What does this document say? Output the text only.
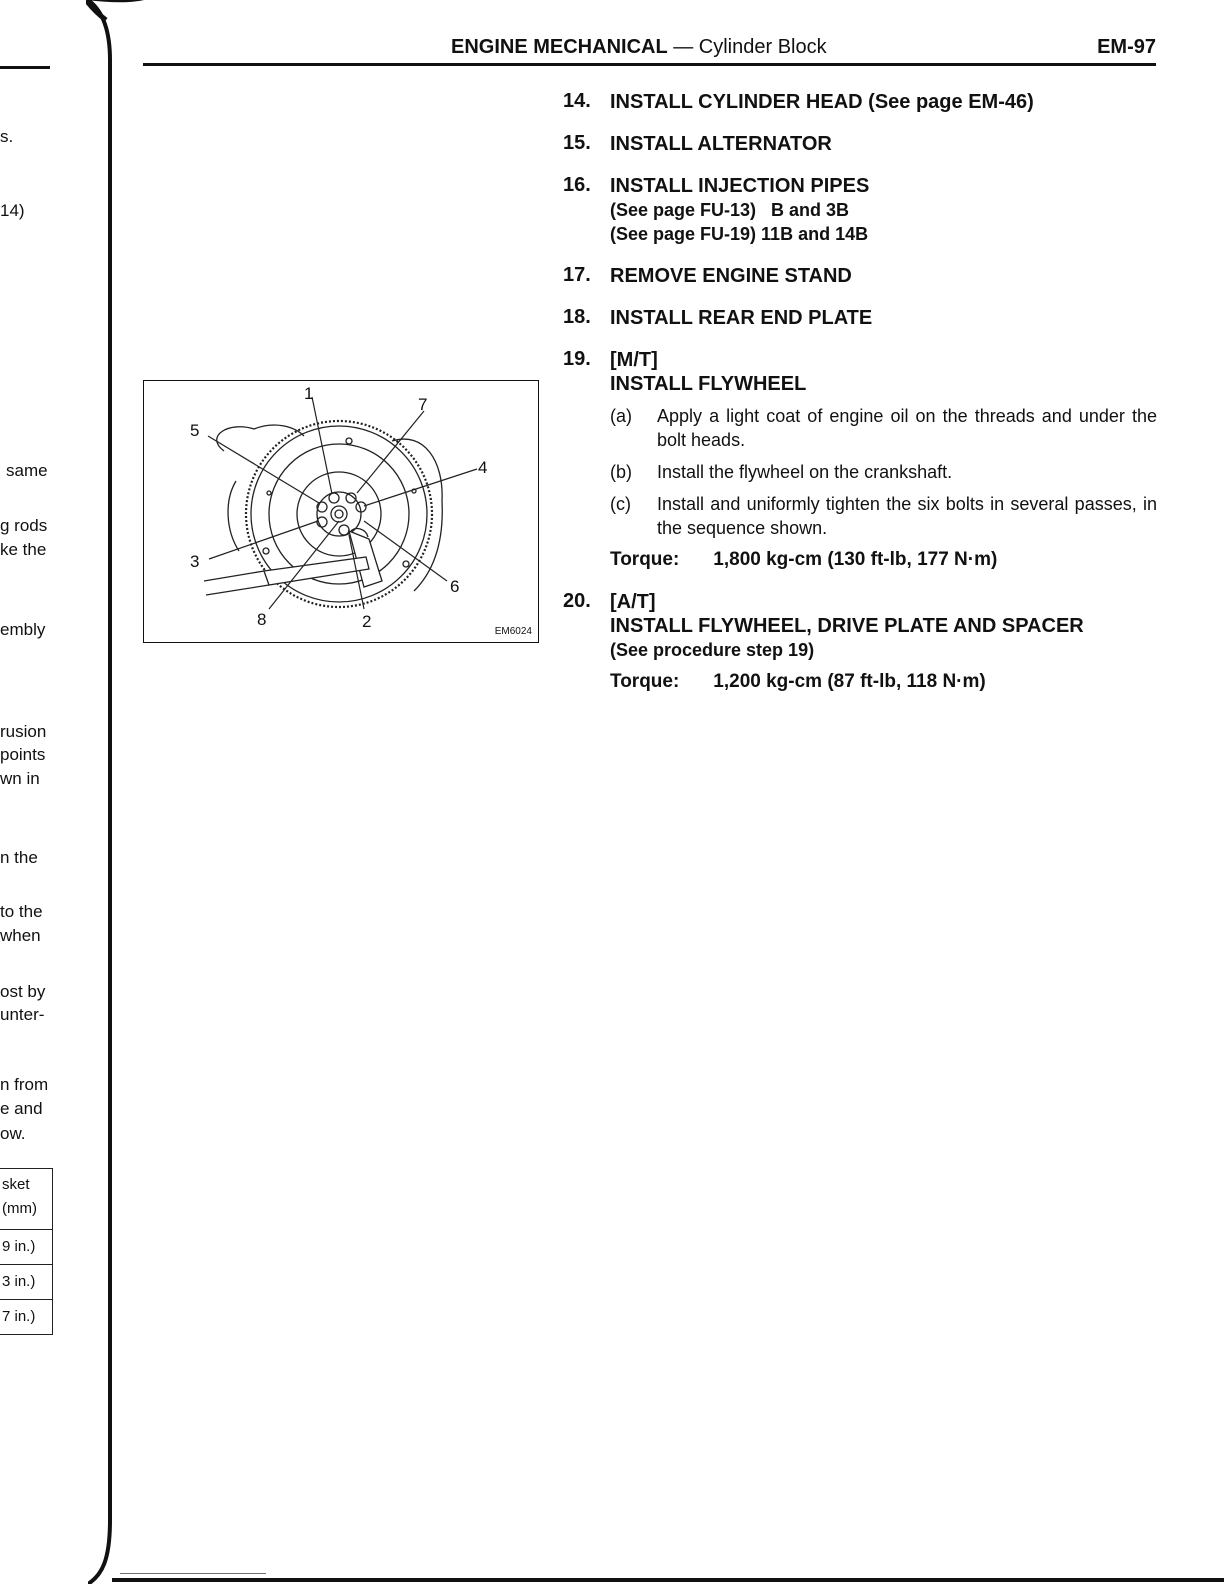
s.
14)
same
g rods
ke the
embly
rusion
points
wn in
n the
to the
when
ost by
unter-
n from
e and
ow.
sket
(mm)
9 in.)
3 in.)
7 in.)
ENGINE MECHANICAL — Cylinder Block	EM-97
14. INSTALL CYLINDER HEAD (See page EM-46)
15. INSTALL ALTERNATOR
16. INSTALL INJECTION PIPES
(See page FU-13)   B and 3B
(See page FU-19) 11B and 14B
17. REMOVE ENGINE STAND
18. INSTALL REAR END PLATE
19. [M/T]
INSTALL FLYWHEEL
(a) Apply a light coat of engine oil on the threads and under the bolt heads.
(b) Install the flywheel on the crankshaft.
(c) Install and uniformly tighten the six bolts in several passes, in the sequence shown.
Torque: 1,800 kg-cm (130 ft-lb, 177 N·m)
20. [A/T]
INSTALL FLYWHEEL, DRIVE PLATE AND SPACER
(See procedure step 19)
Torque: 1,200 kg-cm (87 ft-lb, 118 N·m)
1
2
3
4
5
6
7
8
EM6024
